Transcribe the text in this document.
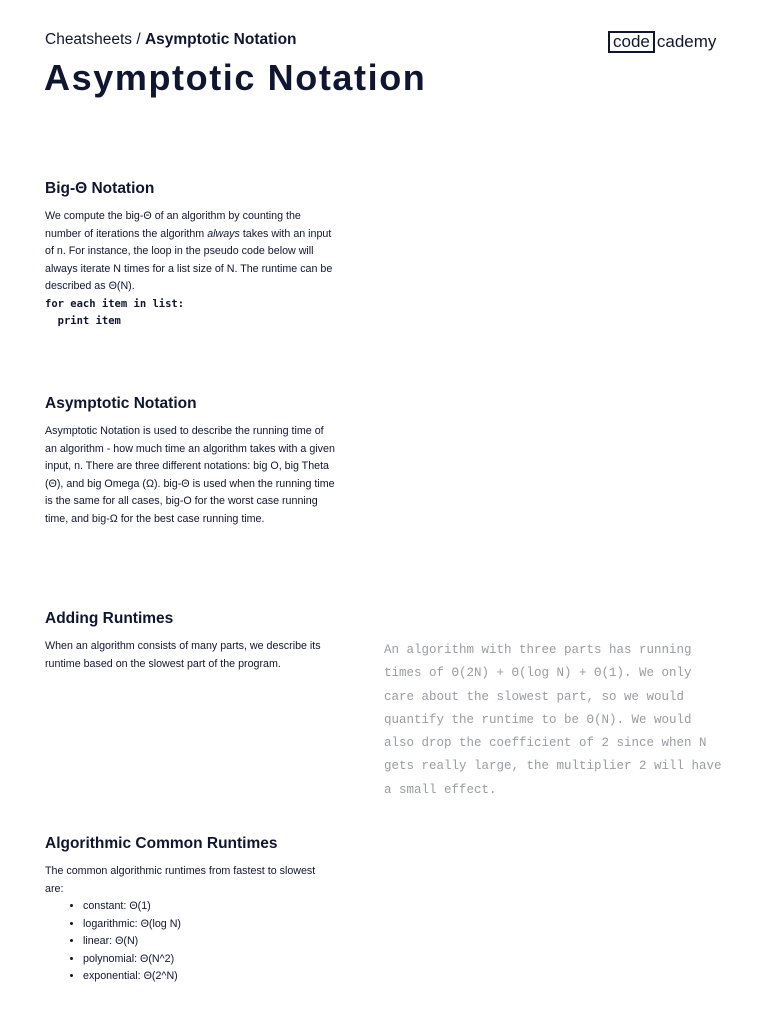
Cheatsheets / Asymptotic Notation	code cademy
Asymptotic Notation
Big-Θ Notation

We compute the big-Θ of an algorithm by counting the number of iterations the algorithm always takes with an input of n. For instance, the loop in the pseudo code below will always iterate N times for a list size of N. The runtime can be described as Θ(N).

for each item in list:
print item
Asymptotic Notation

Asymptotic Notation is used to describe the running time of an algorithm - how much time an algorithm takes with a given input, n. There are three different notations: big O, big Theta (Θ), and big Omega (Ω). big-Θ is used when the running time is the same for all cases, big-O for the worst case running time, and big-Ω for the best case running time.

Adding Runtimes

When an algorithm consists of many parts, we describe its runtime based on the slowest part of the program.

An algorithm with three parts has running times of Θ(2N) + Θ(log N) + Θ(1). We only care about the slowest part, so we would quantify the runtime to be Θ(N). We would also drop the coefficient of 2 since when N gets really large, the multiplier 2 will have a small effect.

Algorithmic Common Runtimes

The common algorithmic runtimes from fastest to slowest are:

• constant: Θ(1)
• logarithmic: Θ(log N)
• linear: Θ(N)
• polynomial: Θ(N^2)
• exponential: Θ(2^N)
